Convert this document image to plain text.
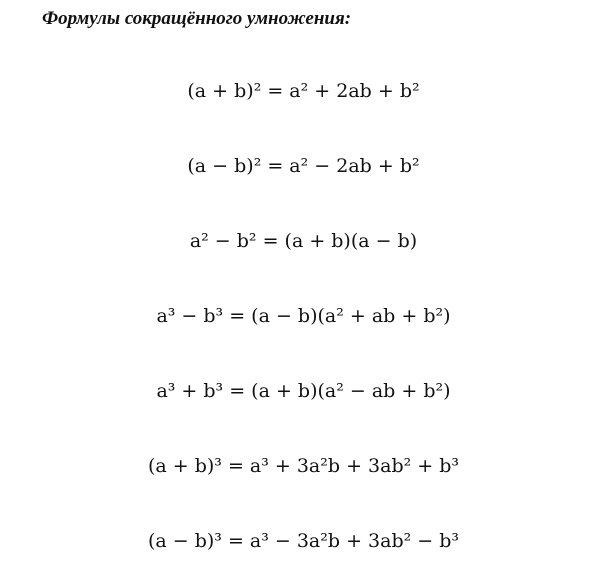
Формулы сокращённого умножения:
(a + b)² = a² + 2ab + b²
(a − b)² = a² − 2ab + b²
a² − b² = (a + b)(a − b)
a³ − b³ = (a − b)(a² + ab + b²)
a³ + b³ = (a + b)(a² − ab + b²)
(a + b)³ = a³ + 3a²b + 3ab² + b³
(a − b)³ = a³ − 3a²b + 3ab² − b³
